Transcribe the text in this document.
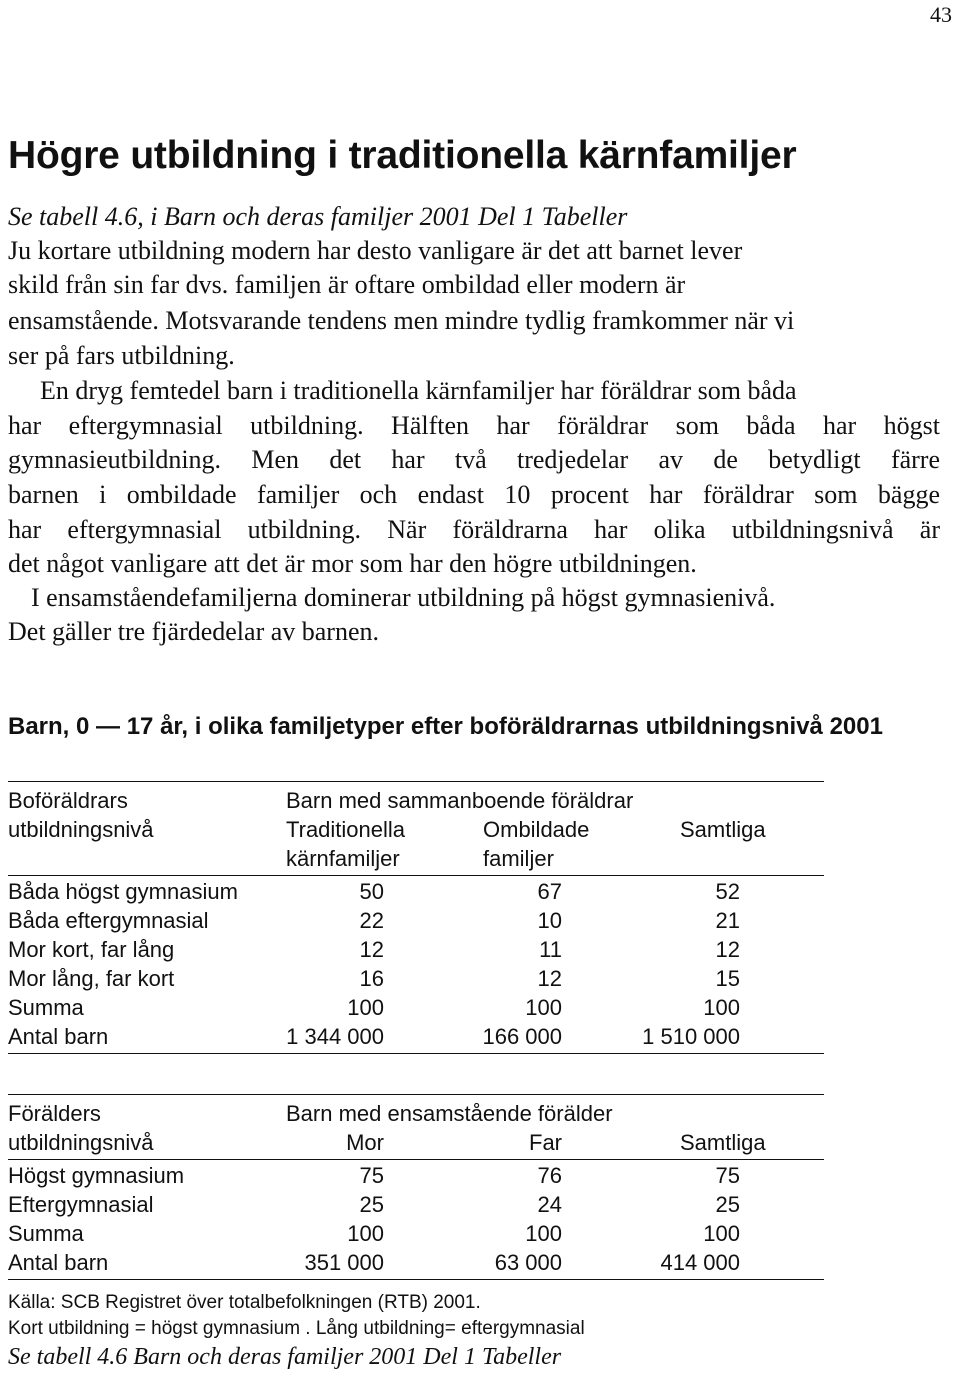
43
Högre utbildning i traditionella kärnfamiljer
Se tabell 4.6, i Barn och deras familjer 2001 Del 1 Tabeller
Ju kortare utbildning modern har desto vanligare är det att barnet lever
skild från sin far dvs. familjen är oftare ombildad eller modern är
ensamstående. Motsvarande tendens men mindre tydlig framkommer när vi
ser på fars utbildning.
En dryg femtedel barn i traditionella kärnfamiljer har föräldrar som båda
har eftergymnasial utbildning. Hälften har föräldrar som båda har högst
gymnasieutbildning. Men det har två tredjedelar av de betydligt färre
barnen i ombildade familjer och endast 10 procent har föräldrar som bägge
har eftergymnasial utbildning. När föräldrarna har olika utbildningsnivå är
det något vanligare att det är mor som har den högre utbildningen.
I ensamståendefamiljerna dominerar utbildning på högst gymnasienivå.
Det gäller tre fjärdedelar av barnen.
Barn, 0 — 17 år, i olika familjetyper efter boföräldrarnas utbildningsnivå 2001
Boföräldrars	Barn med sammanboende föräldrar
utbildningsnivå	Traditionella	Ombildade	Samtliga
kärnfamiljer	familjer
Båda högst gymnasium	50	67	52
Båda eftergymnasial	22	10	21
Mor kort, far lång	12	11	12
Mor lång, far kort	16	12	15
Summa	100	100	100
Antal barn	1 344 000	166 000	1 510 000
Förälders	Barn med ensamstående förälder
utbildningsnivå	Mor	Far	Samtliga
Högst gymnasium	75	76	75
Eftergymnasial	25	24	25
Summa	100	100	100
Antal barn	351 000	63 000	414 000
Källa: SCB Registret över totalbefolkningen (RTB) 2001.
Kort utbildning = högst gymnasium . Lång utbildning= eftergymnasial
Se tabell 4.6 Barn och deras familjer 2001 Del 1 Tabeller
